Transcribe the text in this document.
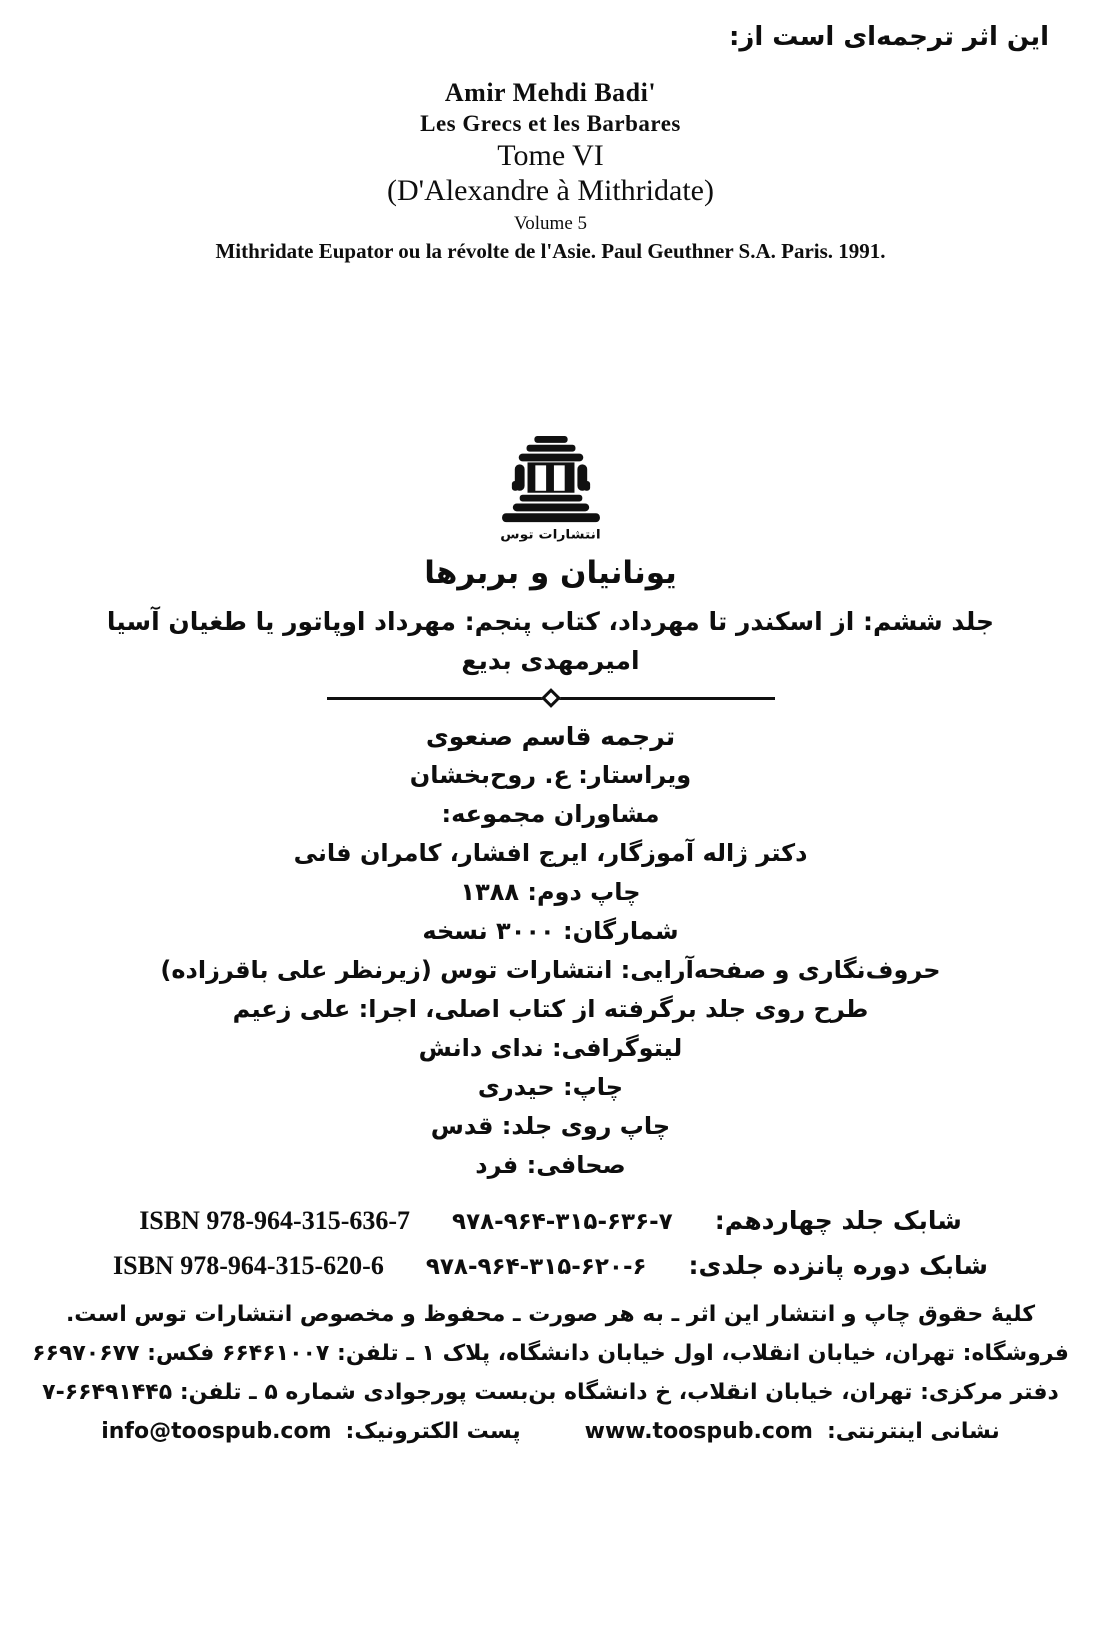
این اثر ترجمه‌ای است از:
Amir Mehdi Badi'
Les Grecs et les Barbares
Tome VI
(D'Alexandre à Mithridate)
Volume 5
Mithridate Eupator ou la révolte de l'Asie. Paul Geuthner S.A. Paris. 1991.
انتشارات توس
یونانیان و بربرها
جلد ششم: از اسکندر تا مهرداد، کتاب پنجم: مهرداد اوپاتور یا طغیان آسیا
امیرمهدی بدیع
ترجمه قاسم صنعوی
ویراستار: ع. روح‌بخشان
مشاوران مجموعه:
دکتر ژاله آموزگار، ایرج افشار، کامران فانی
چاپ دوم: ۱۳۸۸
شمارگان: ۳۰۰۰ نسخه
حروف‌نگاری و صفحه‌آرایی: انتشارات توس (زیرنظر علی باقرزاده)
طرح روی جلد برگرفته از کتاب اصلی، اجرا: علی زعیم
لیتوگرافی: ندای دانش
چاپ: حیدری
چاپ روی جلد: قدس
صحافی: فرد
شابک جلد چهاردهم:
۹۷۸-۹۶۴-۳۱۵-۶۳۶-۷
ISBN 978-964-315-636-7
شابک دوره پانزده جلدی:
۹۷۸-۹۶۴-۳۱۵-۶۲۰-۶
ISBN 978-964-315-620-6
کلیهٔ حقوق چاپ و انتشار این اثر ـ به هر صورت ـ محفوظ و مخصوص انتشارات توس است.
فروشگاه: تهران، خیابان انقلاب، اول خیابان دانشگاه، پلاک ۱ ـ تلفن: ۶۶۴۶۱۰۰۷ فکس: ۶۶۹۷۰۶۷۷
دفتر مرکزی: تهران، خیابان انقلاب، خ دانشگاه بن‌بست پورجوادی شماره ۵ ـ تلفن: ۶۶۴۹۱۴۴۵-۷
نشانی اینترنتی:
www.toospub.com
پست الکترونیک:
info@toospub.com
